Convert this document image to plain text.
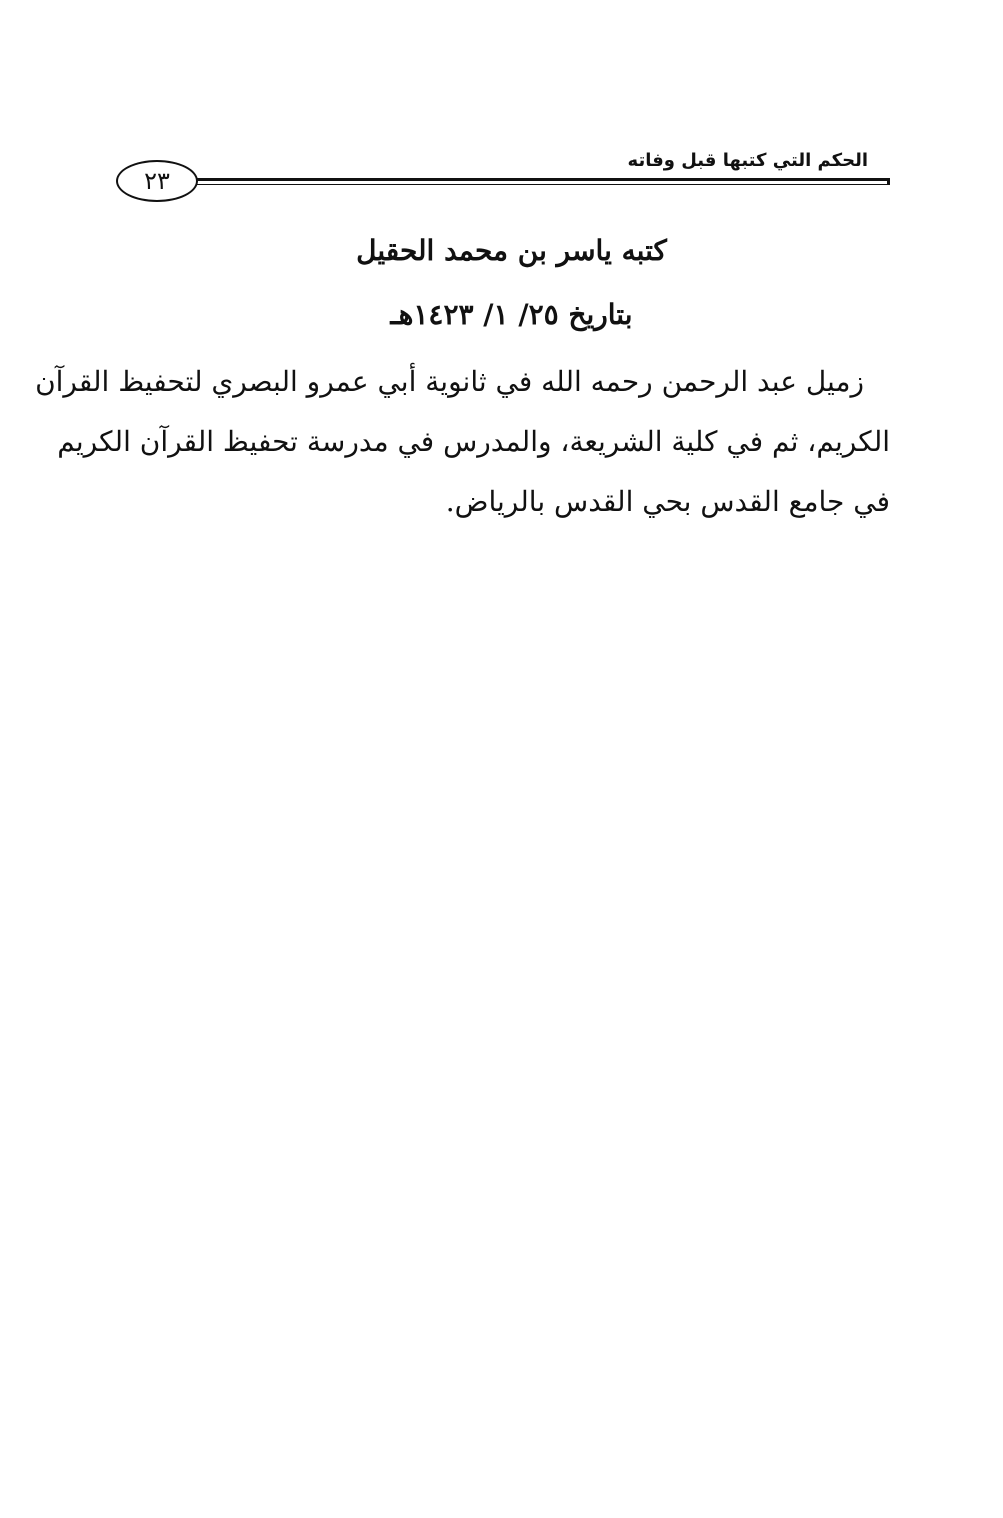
الحكم التي كتبها قبل وفاته
٢٣
كتبه ياسر بن محمد الحقيل
بتاريخ ٢٥/ ١/ ١٤٢٣هـ

زميل عبد الرحمن رحمه الله في ثانوية أبي عمرو البصري لتحفيظ القرآن
الكريم، ثم في كلية الشريعة، والمدرس في مدرسة تحفيظ القرآن الكريم
في جامع القدس بحي القدس بالرياض.
